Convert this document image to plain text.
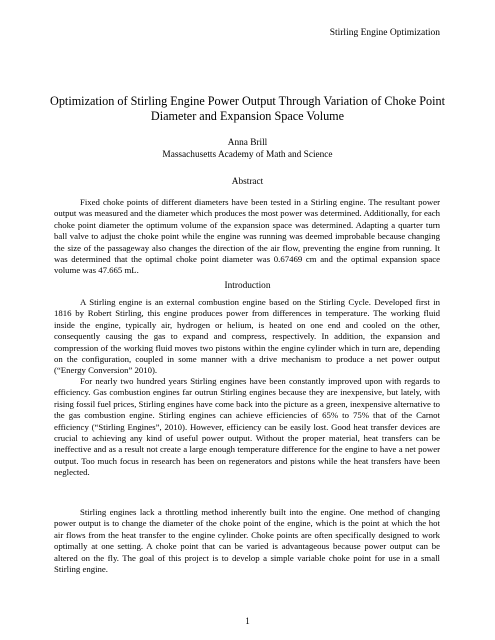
Stirling Engine Optimization
Optimization of Stirling Engine Power Output Through Variation of Choke Point Diameter and Expansion Space Volume
Anna Brill
Massachusetts Academy of Math and Science
Abstract

Fixed choke points of different diameters have been tested in a Stirling engine. The resultant power output was measured and the diameter which produces the most power was determined. Additionally, for each choke point diameter the optimum volume of the expansion space was determined. Adapting a quarter turn ball valve to adjust the choke point while the engine was running was deemed improbable because changing the size of the passageway also changes the direction of the air flow, preventing the engine from running. It was determined that the optimal choke point diameter was 0.67469 cm and the optimal expansion space volume was 47.665 mL.

Introduction

A Stirling engine is an external combustion engine based on the Stirling Cycle. Developed first in 1816 by Robert Stirling, this engine produces power from differences in temperature. The working fluid inside the engine, typically air, hydrogen or helium, is heated on one end and cooled on the other, consequently causing the gas to expand and compress, respectively. In addition, the expansion and compression of the working fluid moves two pistons within the engine cylinder which in turn are, depending on the configuration, coupled in some manner with a drive mechanism to produce a net power output (“Energy Conversion” 2010).

For nearly two hundred years Stirling engines have been constantly improved upon with regards to efficiency. Gas combustion engines far outrun Stirling engines because they are inexpensive, but lately, with rising fossil fuel prices, Stirling engines have come back into the picture as a green, inexpensive alternative to the gas combustion engine. Stirling engines can achieve efficiencies of 65% to 75% that of the Carnot efficiency (“Stirling Engines”, 2010). However, efficiency can be easily lost. Good heat transfer devices are crucial to achieving any kind of useful power output. Without the proper material, heat transfers can be ineffective and as a result not create a large enough temperature difference for the engine to have a net power output. Too much focus in research has been on regenerators and pistons while the heat transfers have been neglected.

Stirling engines lack a throttling method inherently built into the engine. One method of changing power output is to change the diameter of the choke point of the engine, which is the point at which the hot air flows from the heat transfer to the engine cylinder. Choke points are often specifically designed to work optimally at one setting. A choke point that can be varied is advantageous because power output can be altered on the fly. The goal of this project is to develop a simple variable choke point for use in a small Stirling engine.

1
